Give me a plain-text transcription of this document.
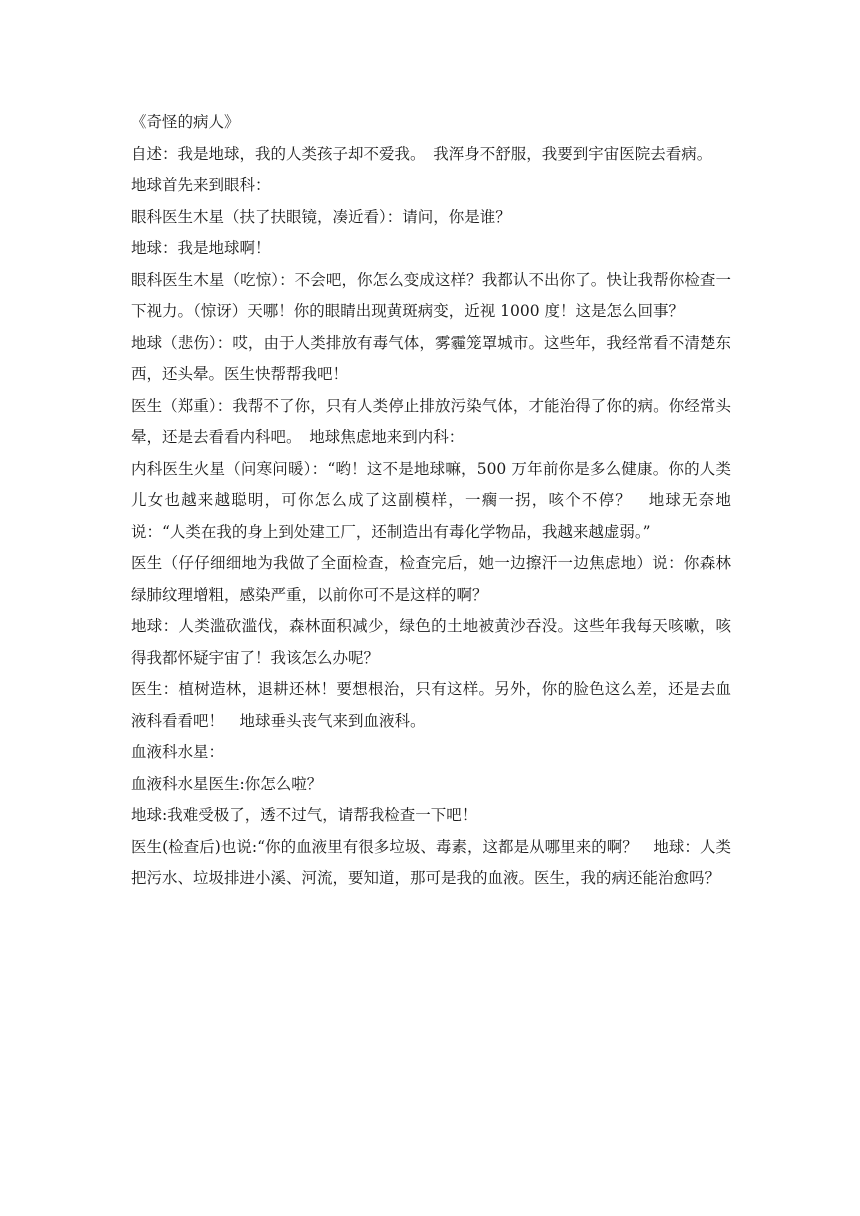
《奇怪的病人》

自述：我是地球，我的人类孩子却不爱我。　我浑身不舒服，我要到宇宙医院去看病。

地球首先来到眼科：

眼科医生木星（扶了扶眼镜，凑近看）：请问，你是谁？

地球：我是地球啊！

眼科医生木星（吃惊）：不会吧，你怎么变成这样？我都认不出你了。快让我帮你检查一下视力。（惊讶）天哪！你的眼睛出现黄斑病变，近视 1000 度！这是怎么回事？

地球（悲伤）：哎，由于人类排放有毒气体，雾霾笼罩城市。这些年，我经常看不清楚东西，还头晕。医生快帮帮我吧！

医生（郑重）：我帮不了你，只有人类停止排放污染气体，才能治得了你的病。你经常头晕，还是去看看内科吧。　地球焦虑地来到内科：

内科医生火星（问寒问暖）：“哟！这不是地球嘛，500 万年前你是多么健康。你的人类儿女也越来越聪明，可你怎么成了这副模样，一瘸一拐，咳个不停？　地球无奈地说：“人类在我的身上到处建工厂，还制造出有毒化学物品，我越来越虚弱。”

医生（仔仔细细地为我做了全面检查，检查完后，她一边擦汗一边焦虑地）说：你森林绿肺纹理增粗，感染严重，以前你可不是这样的啊？

地球：人类滥砍滥伐，森林面积减少，绿色的土地被黄沙吞没。这些年我每天咳嗽，咳得我都怀疑宇宙了！我该怎么办呢？

医生：植树造林，退耕还林！要想根治，只有这样。另外，你的脸色这么差，还是去血液科看看吧！　地球垂头丧气来到血液科。

血液科水星：

血液科水星医生:你怎么啦？

地球:我难受极了，透不过气，请帮我检查一下吧！

医生(检查后)也说:“你的血液里有很多垃圾、毒素，这都是从哪里来的啊？　地球：人类把污水、垃圾排进小溪、河流，要知道，那可是我的血液。医生，我的病还能治愈吗？
